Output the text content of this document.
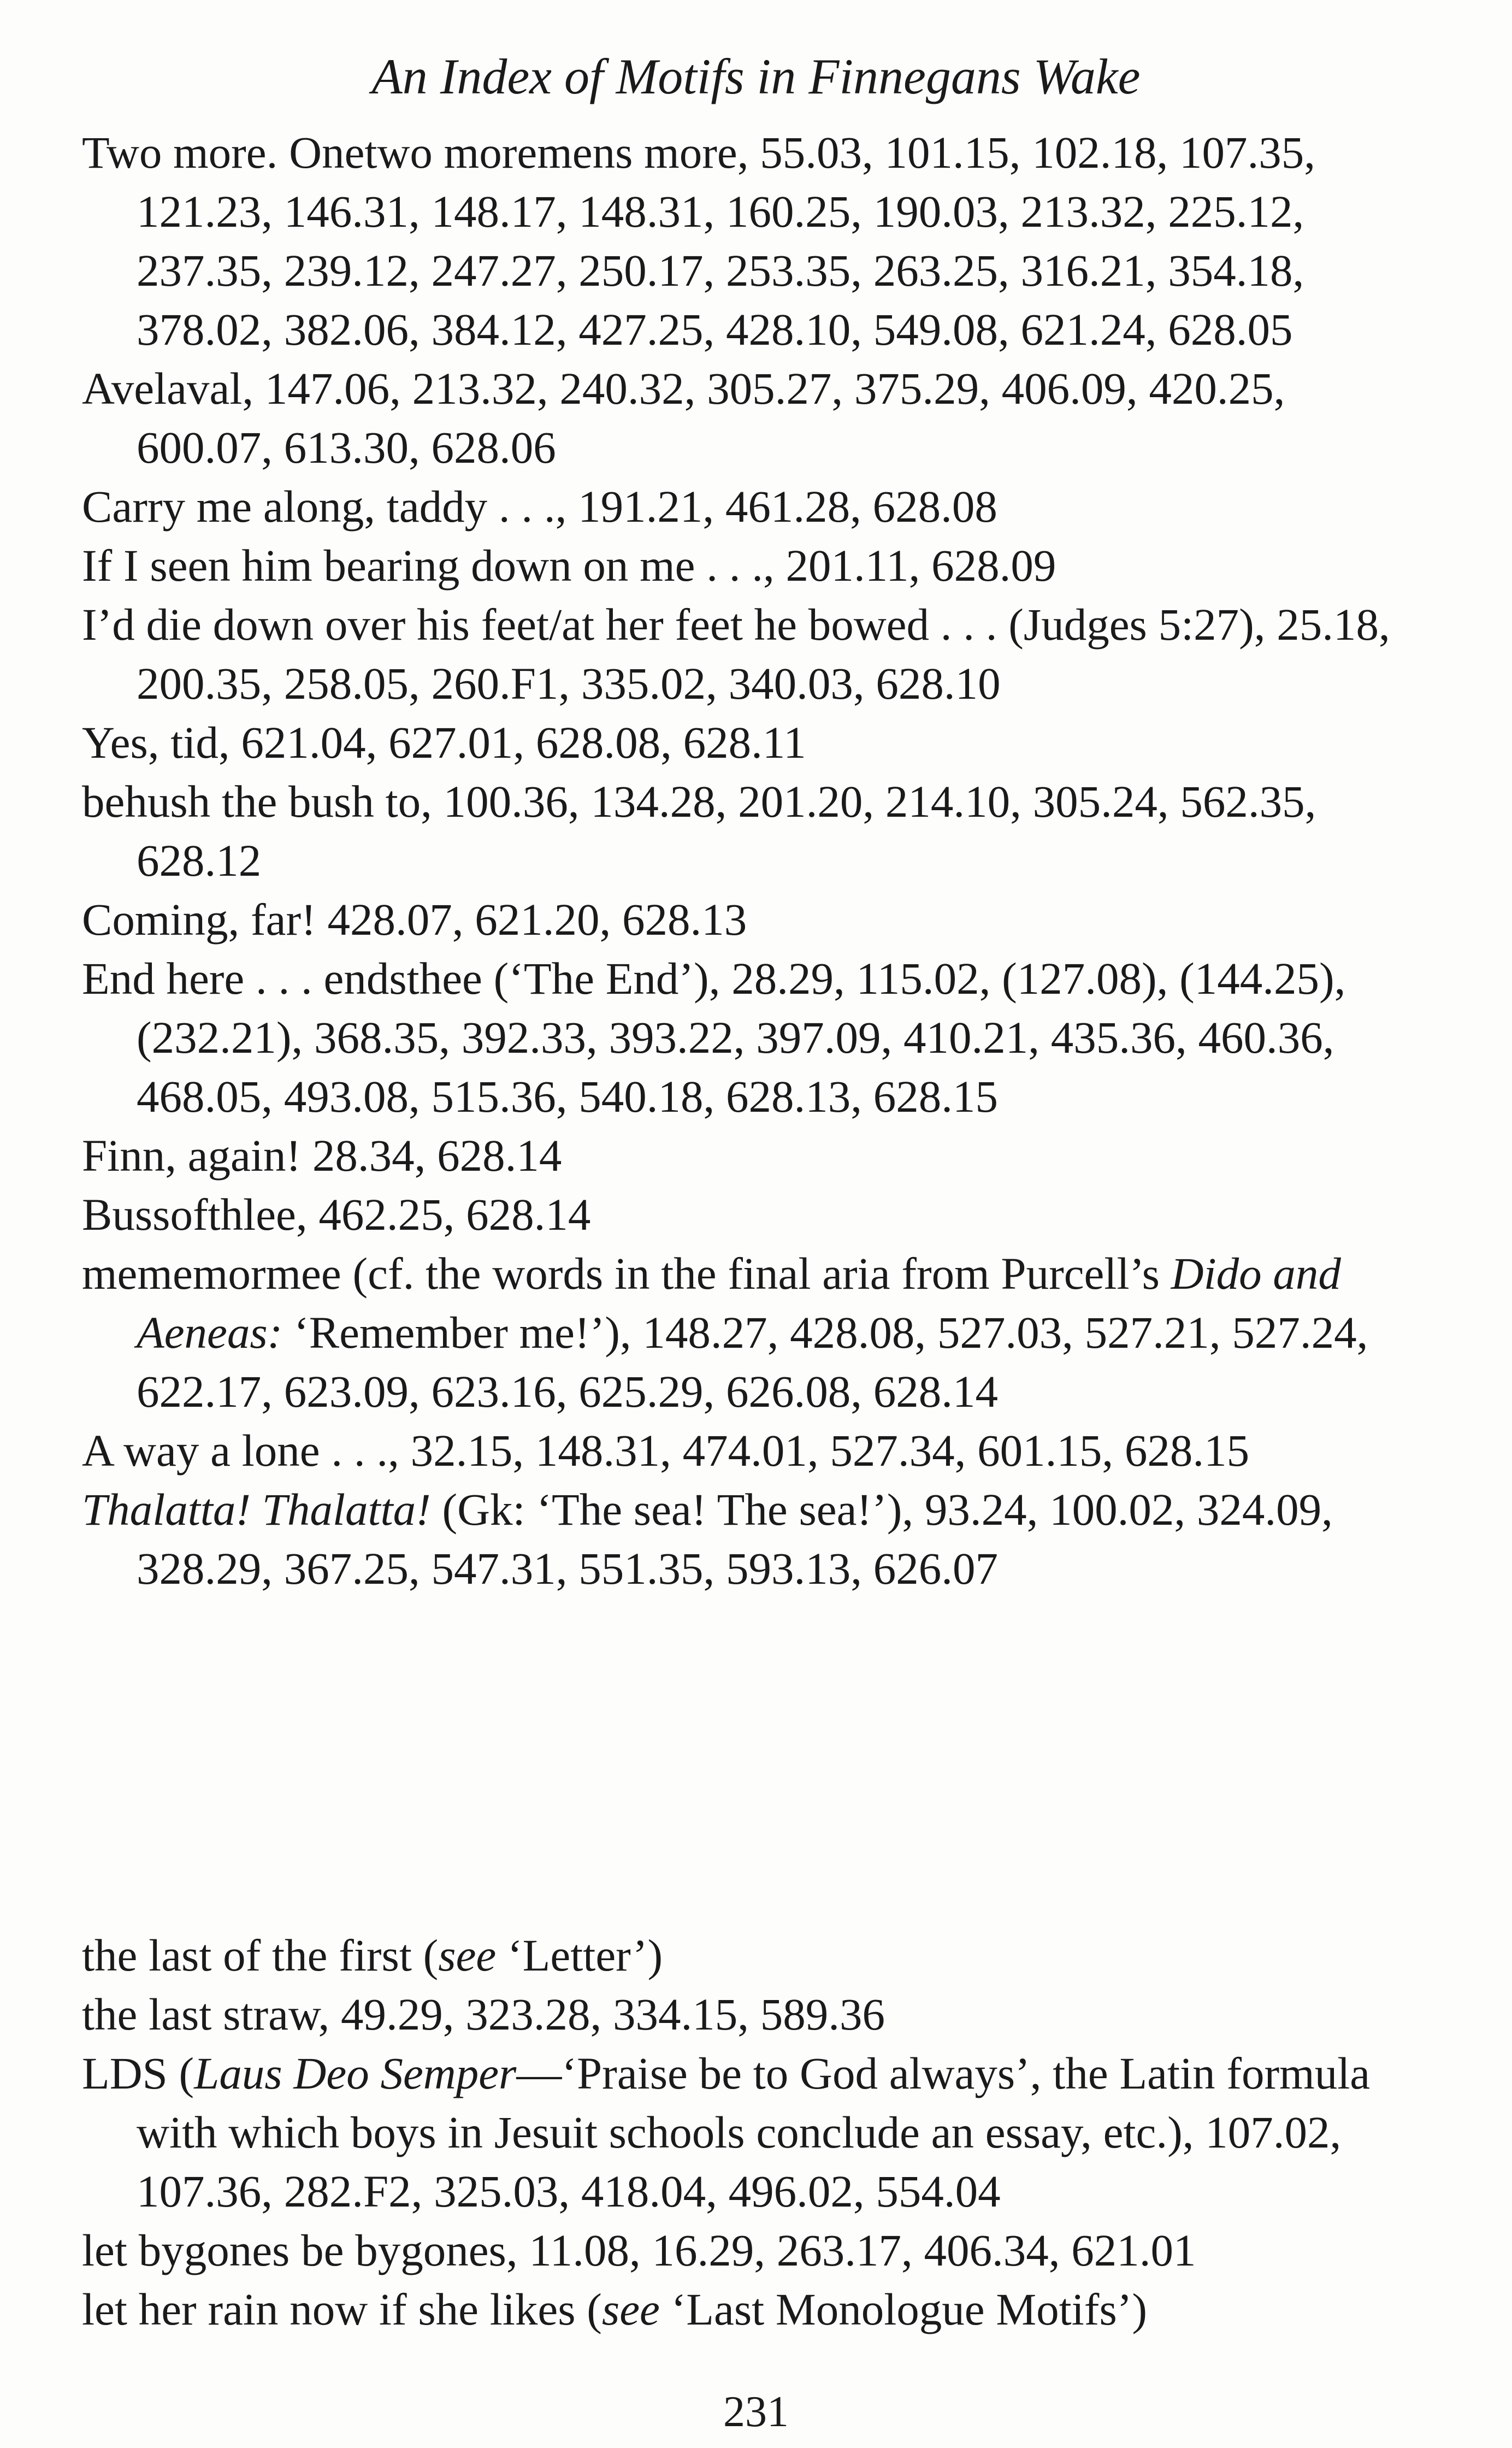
An Index of Motifs in Finnegans Wake
Two more. Onetwo moremens more, 55.03, 101.15, 102.18, 107.35, 121.23, 146.31, 148.17, 148.31, 160.25, 190.03, 213.32, 225.12, 237.35, 239.12, 247.27, 250.17, 253.35, 263.25, 316.21, 354.18, 378.02, 382.06, 384.12, 427.25, 428.10, 549.08, 621.24, 628.05
Avelaval, 147.06, 213.32, 240.32, 305.27, 375.29, 406.09, 420.25, 600.07, 613.30, 628.06
Carry me along, taddy . . ., 191.21, 461.28, 628.08
If I seen him bearing down on me . . ., 201.11, 628.09
I’d die down over his feet/at her feet he bowed . . . (Judges 5:27), 25.18, 200.35, 258.05, 260.F1, 335.02, 340.03, 628.10
Yes, tid, 621.04, 627.01, 628.08, 628.11
behush the bush to, 100.36, 134.28, 201.20, 214.10, 305.24, 562.35, 628.12
Coming, far! 428.07, 621.20, 628.13
End here . . . endsthee (‘The End’), 28.29, 115.02, (127.08), (144.25), (232.21), 368.35, 392.33, 393.22, 397.09, 410.21, 435.36, 460.36, 468.05, 493.08, 515.36, 540.18, 628.13, 628.15
Finn, again! 28.34, 628.14
Bussofthlee, 462.25, 628.14
mememormee (cf. the words in the final aria from Purcell’s Dido and Aeneas: ‘Remember me!’), 148.27, 428.08, 527.03, 527.21, 527.24, 622.17, 623.09, 623.16, 625.29, 626.08, 628.14
A way a lone . . ., 32.15, 148.31, 474.01, 527.34, 601.15, 628.15
Thalatta! Thalatta! (Gk: ‘The sea! The sea!’), 93.24, 100.02, 324.09, 328.29, 367.25, 547.31, 551.35, 593.13, 626.07
the last of the first (see ‘Letter’)
the last straw, 49.29, 323.28, 334.15, 589.36
LDS (Laus Deo Semper—‘Praise be to God always’, the Latin formula with which boys in Jesuit schools conclude an essay, etc.), 107.02, 107.36, 282.F2, 325.03, 418.04, 496.02, 554.04
let bygones be bygones, 11.08, 16.29, 263.17, 406.34, 621.01
let her rain now if she likes (see ‘Last Monologue Motifs’)
231
